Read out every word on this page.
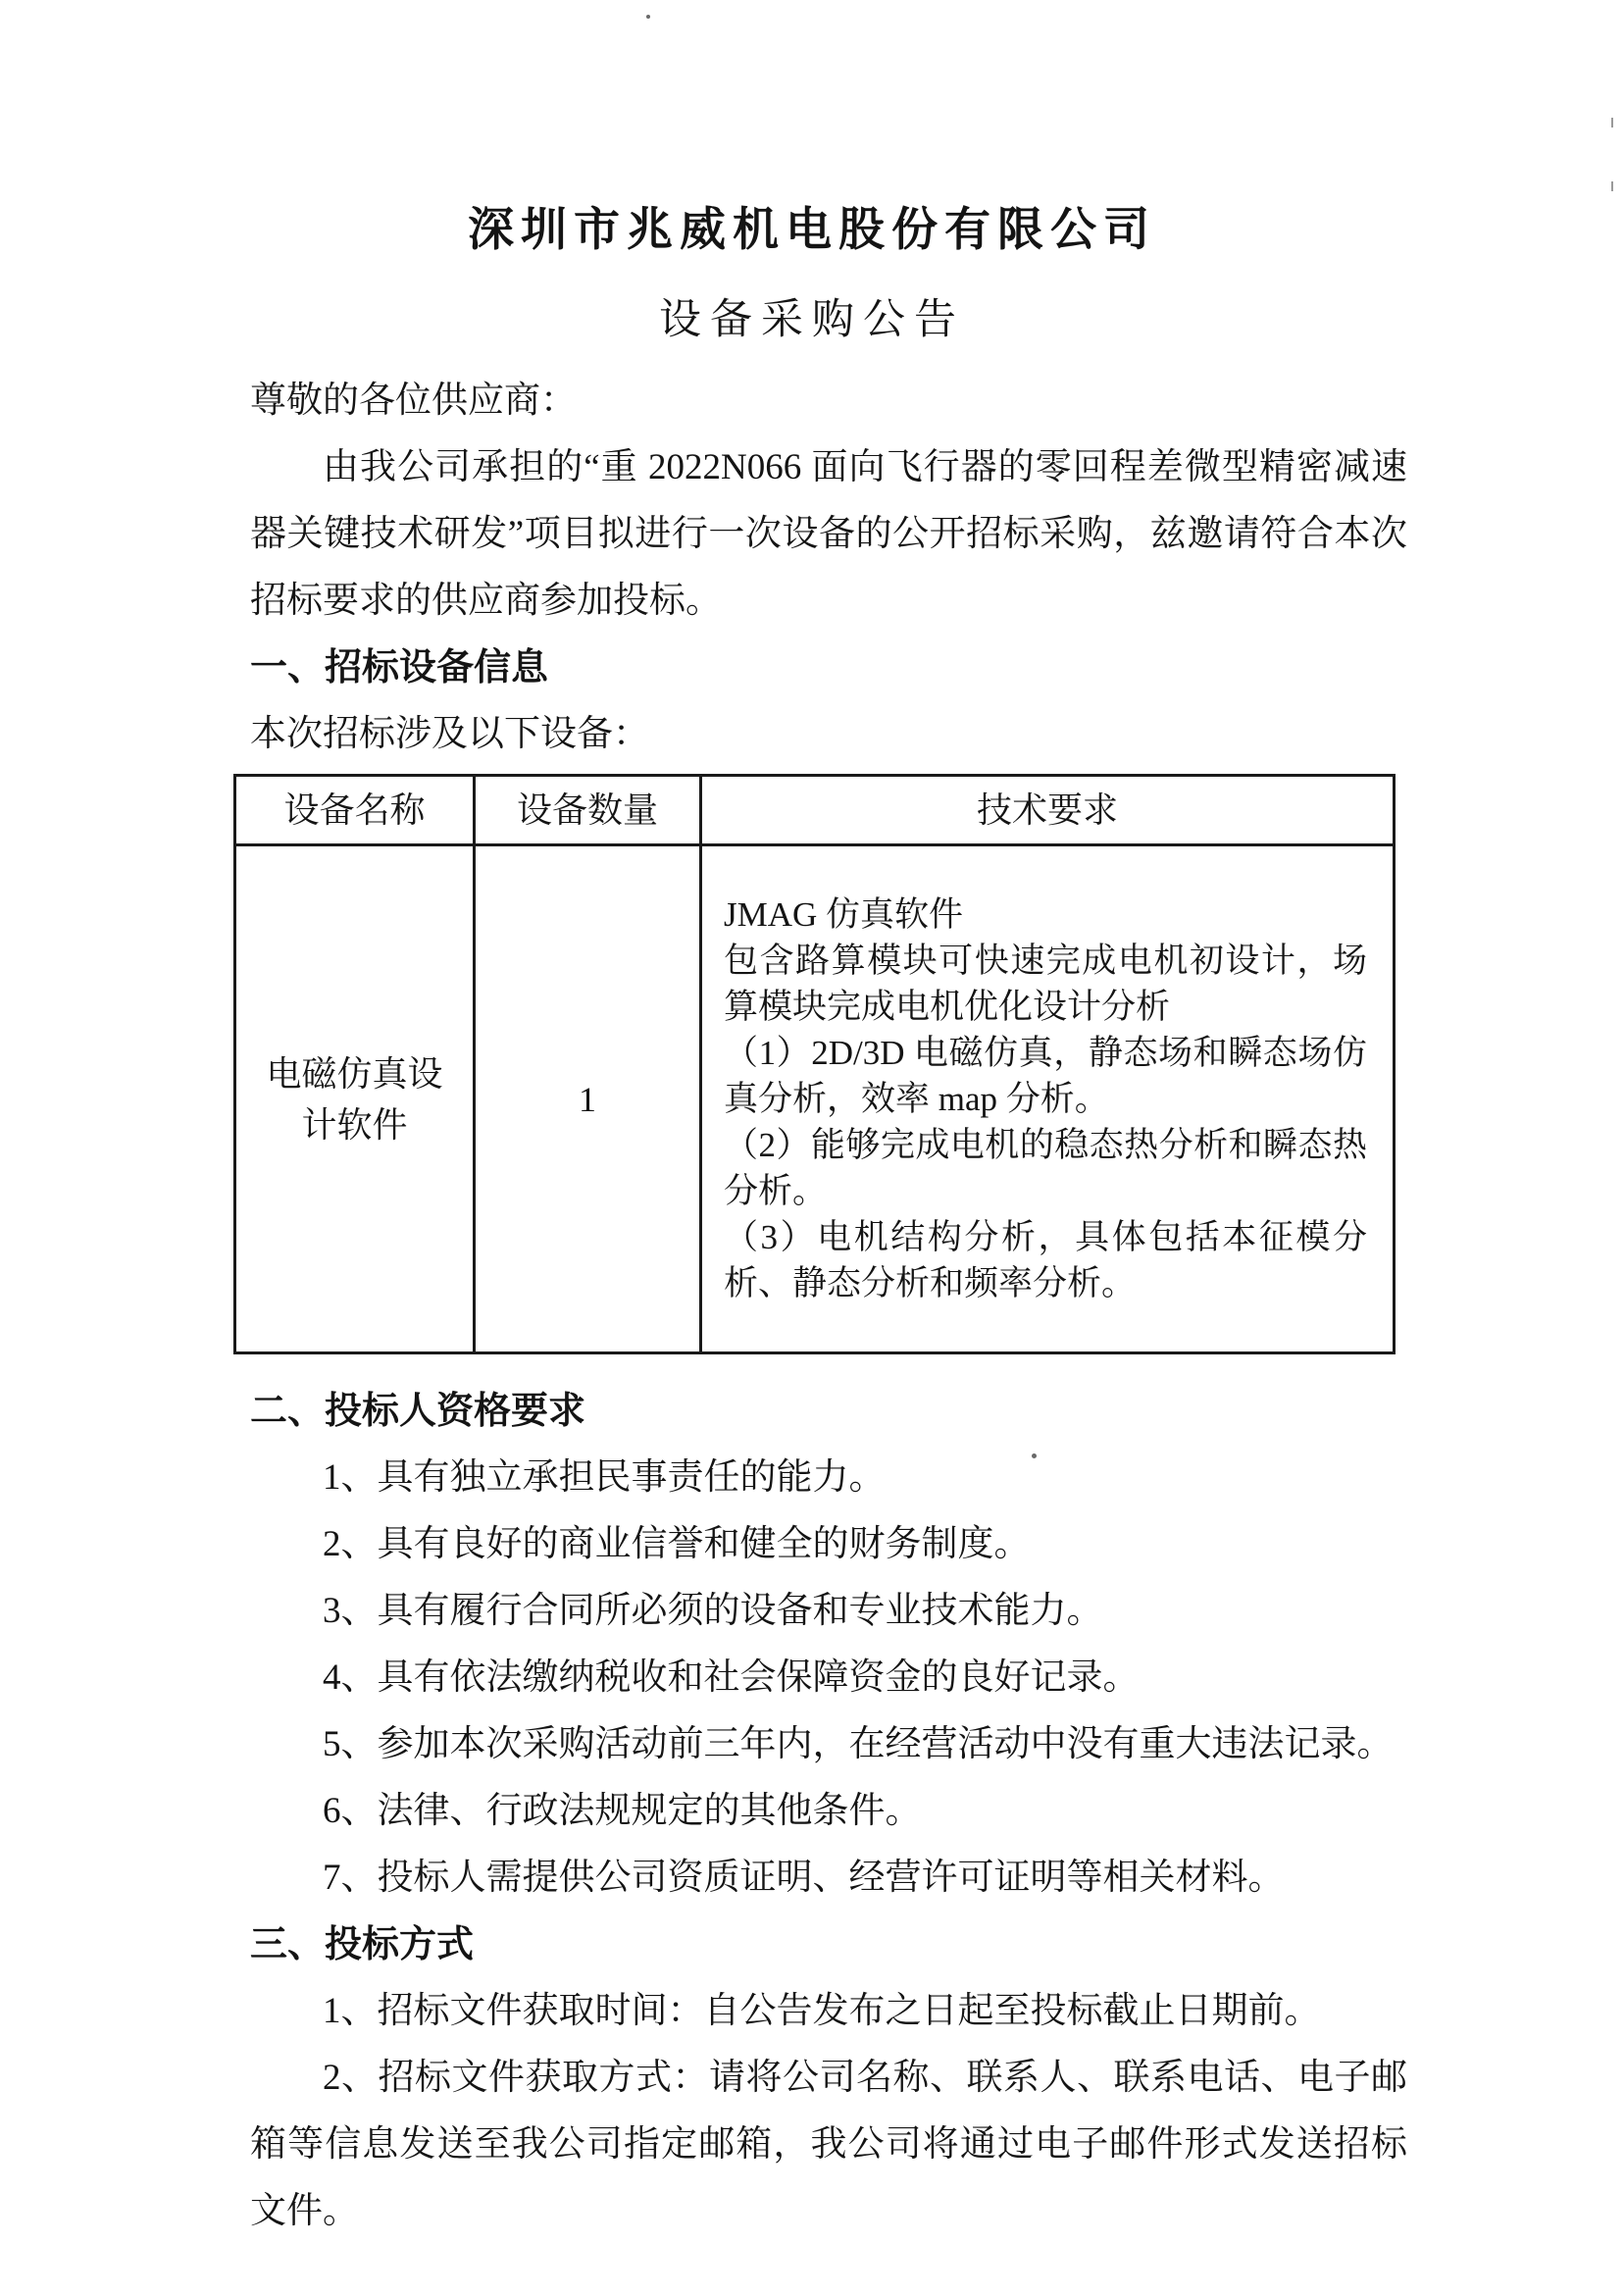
深圳市兆威机电股份有限公司
设备采购公告

尊敬的各位供应商：

由我公司承担的“重 2022N066 面向飞行器的零回程差微型精密减速器关键技术研发”项目拟进行一次设备的公开招标采购，兹邀请符合本次招标要求的供应商参加投标。

一、招标设备信息

本次招标涉及以下设备：

设备名称	设备数量	技术要求
电磁仿真设计软件	1	JMAG 仿真软件
包含路算模块可快速完成电机初设计，场算模块完成电机优化设计分析
（1）2D/3D 电磁仿真，静态场和瞬态场仿真分析，效率 map 分析。
（2）能够完成电机的稳态热分析和瞬态热分析。
（3）电机结构分析，具体包括本征模分析、静态分析和频率分析。
二、投标人资格要求

1、具有独立承担民事责任的能力。

2、具有良好的商业信誉和健全的财务制度。

3、具有履行合同所必须的设备和专业技术能力。

4、具有依法缴纳税收和社会保障资金的良好记录。

5、参加本次采购活动前三年内，在经营活动中没有重大违法记录。

6、法律、行政法规规定的其他条件。

7、投标人需提供公司资质证明、经营许可证明等相关材料。

三、投标方式

1、招标文件获取时间：自公告发布之日起至投标截止日期前。

2、招标文件获取方式：请将公司名称、联系人、联系电话、电子邮箱等信息发送至我公司指定邮箱，我公司将通过电子邮件形式发送招标文件。
